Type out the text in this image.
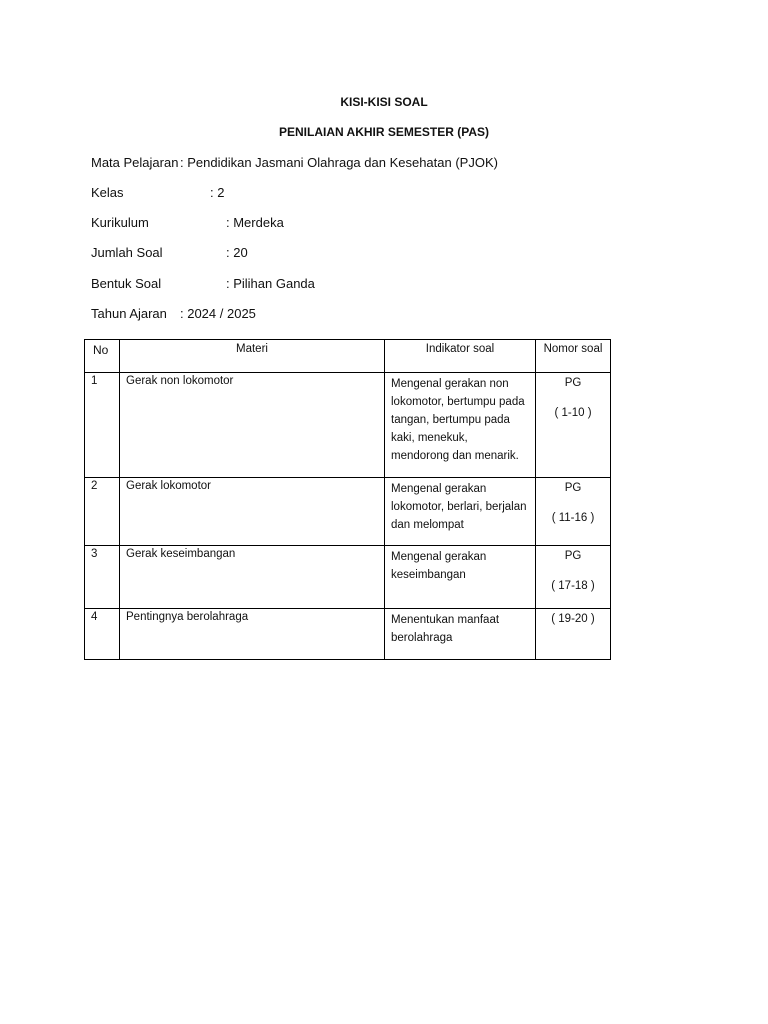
KISI-KISI SOAL
PENILAIAN AKHIR SEMESTER (PAS)
Mata Pelajaran : Pendidikan Jasmani Olahraga dan Kesehatan (PJOK)
Kelas	: 2
Kurikulum	: Merdeka
Jumlah Soal	: 20
Bentuk Soal	: Pilihan Ganda
Tahun Ajaran : 2024 / 2025
No	Materi	Indikator soal	Nomor soal
1	Gerak non lokomotor	Mengenal gerakan non lokomotor, bertumpu pada tangan, bertumpu pada kaki, menekuk, mendorong dan menarik.	PG
( 1-10 )

2	Gerak lokomotor	Mengenal gerakan lokomotor, berlari, berjalan dan melompat	PG
( 11-16 )

3	Gerak keseimbangan	Mengenal gerakan keseimbangan	PG
( 17-18 )

4	Pentingnya berolahraga	Menentukan manfaat berolahraga	( 19-20 )
